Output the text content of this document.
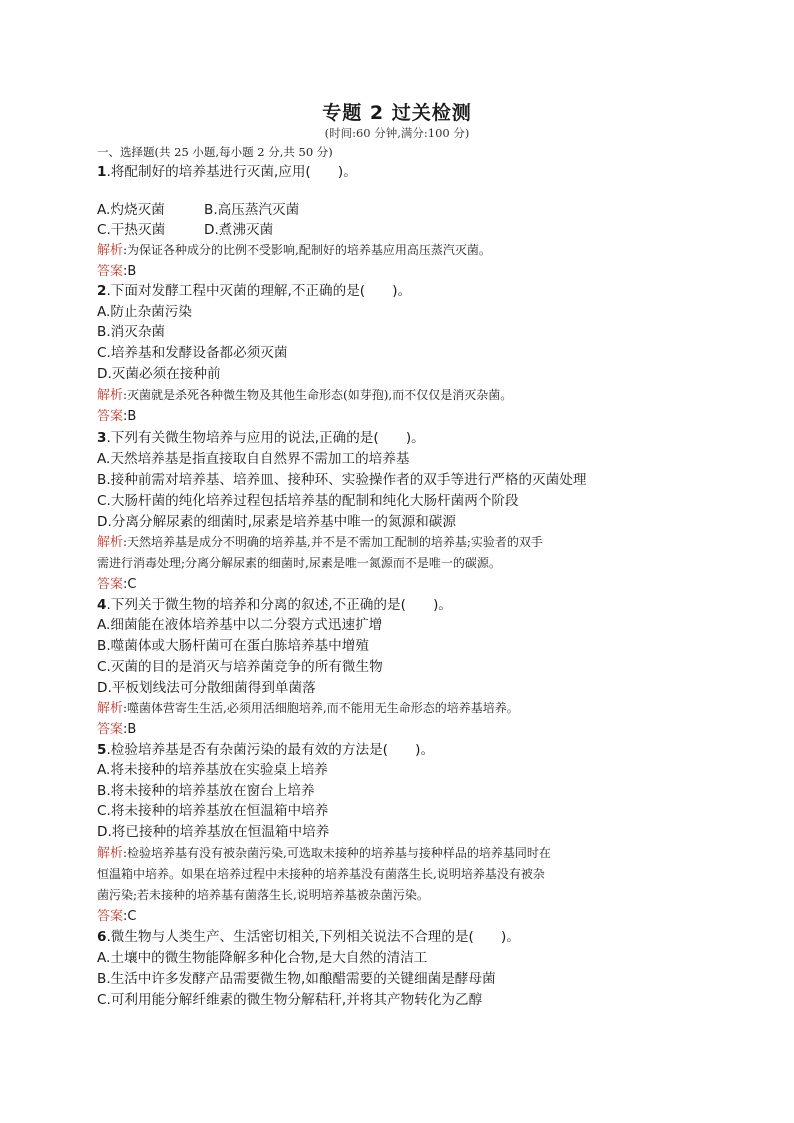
专题 2 过关检测
(时间:60 分钟,满分:100 分)
一、选择题(共 25 小题,每小题 2 分,共 50 分)
1.将配制好的培养基进行灭菌,应用(　　)。
A.灼烧灭菌	B.高压蒸汽灭菌
C.干热灭菌	D.煮沸灭菌
解析:为保证各种成分的比例不受影响,配制好的培养基应用高压蒸汽灭菌。
答案:B
2.下面对发酵工程中灭菌的理解,不正确的是(　　)。
A.防止杂菌污染
B.消灭杂菌
C.培养基和发酵设备都必须灭菌
D.灭菌必须在接种前
解析:灭菌就是杀死各种微生物及其他生命形态(如芽孢),而不仅仅是消灭杂菌。
答案:B
3.下列有关微生物培养与应用的说法,正确的是(　　)。
A.天然培养基是指直接取自自然界不需加工的培养基
B.接种前需对培养基、培养皿、接种环、实验操作者的双手等进行严格的灭菌处理
C.大肠杆菌的纯化培养过程包括培养基的配制和纯化大肠杆菌两个阶段
D.分离分解尿素的细菌时,尿素是培养基中唯一的氮源和碳源
解析:天然培养基是成分不明确的培养基,并不是不需加工配制的培养基;实验者的双手
需进行消毒处理;分离分解尿素的细菌时,尿素是唯一氮源而不是唯一的碳源。
答案:C
4.下列关于微生物的培养和分离的叙述,不正确的是(　　)。
A.细菌能在液体培养基中以二分裂方式迅速扩增
B.噬菌体或大肠杆菌可在蛋白胨培养基中增殖
C.灭菌的目的是消灭与培养菌竞争的所有微生物
D.平板划线法可分散细菌得到单菌落
解析:噬菌体营寄生生活,必须用活细胞培养,而不能用无生命形态的培养基培养。
答案:B
5.检验培养基是否有杂菌污染的最有效的方法是(　　)。
A.将未接种的培养基放在实验桌上培养
B.将未接种的培养基放在窗台上培养
C.将未接种的培养基放在恒温箱中培养
D.将已接种的培养基放在恒温箱中培养
解析:检验培养基有没有被杂菌污染,可选取未接种的培养基与接种样品的培养基同时在
恒温箱中培养。如果在培养过程中未接种的培养基没有菌落生长,说明培养基没有被杂
菌污染;若未接种的培养基有菌落生长,说明培养基被杂菌污染。
答案:C
6.微生物与人类生产、生活密切相关,下列相关说法不合理的是(　　)。
A.土壤中的微生物能降解多种化合物,是大自然的清洁工
B.生活中许多发酵产品需要微生物,如酿醋需要的关键细菌是酵母菌
C.可利用能分解纤维素的微生物分解秸秆,并将其产物转化为乙醇
